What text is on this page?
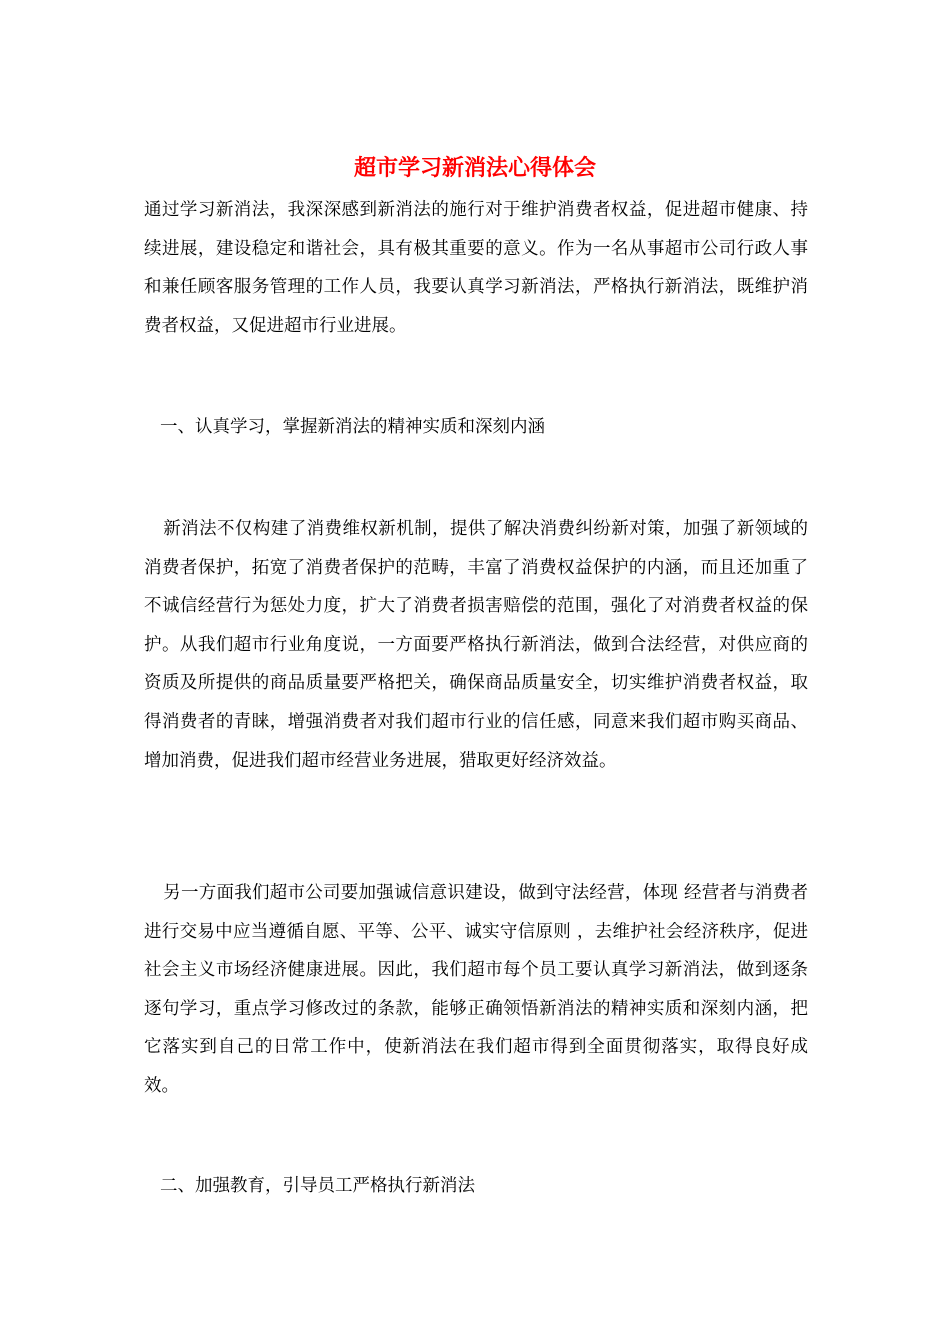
超市学习新消法心得体会

通过学习新消法，我深深感到新消法的施行对于维护消费者权益，促进超市健康、持续进展，建设稳定和谐社会，具有极其重要的意义。作为一名从事超市公司行政人事和兼任顾客服务管理的工作人员，我要认真学习新消法，严格执行新消法，既维护消费者权益，又促进超市行业进展。

一、认真学习，掌握新消法的精神实质和深刻内涵

新消法不仅构建了消费维权新机制，提供了解决消费纠纷新对策，加强了新领域的消费者保护，拓宽了消费者保护的范畴，丰富了消费权益保护的内涵，而且还加重了不诚信经营行为惩处力度，扩大了消费者损害赔偿的范围，强化了对消费者权益的保护。从我们超市行业角度说，一方面要严格执行新消法，做到合法经营，对供应商的资质及所提供的商品质量要严格把关，确保商品质量安全，切实维护消费者权益，取得消费者的青睐，增强消费者对我们超市行业的信任感，同意来我们超市购买商品、增加消费，促进我们超市经营业务进展，猎取更好经济效益。

另一方面我们超市公司要加强诚信意识建设，做到守法经营，体现 经营者与消费者进行交易中应当遵循自愿、平等、公平、诚实守信原则 ，去维护社会经济秩序，促进社会主义市场经济健康进展。因此，我们超市每个员工要认真学习新消法，做到逐条逐句学习，重点学习修改过的条款，能够正确领悟新消法的精神实质和深刻内涵，把它落实到自己的日常工作中，使新消法在我们超市得到全面贯彻落实，取得良好成效。

二、加强教育，引导员工严格执行新消法
